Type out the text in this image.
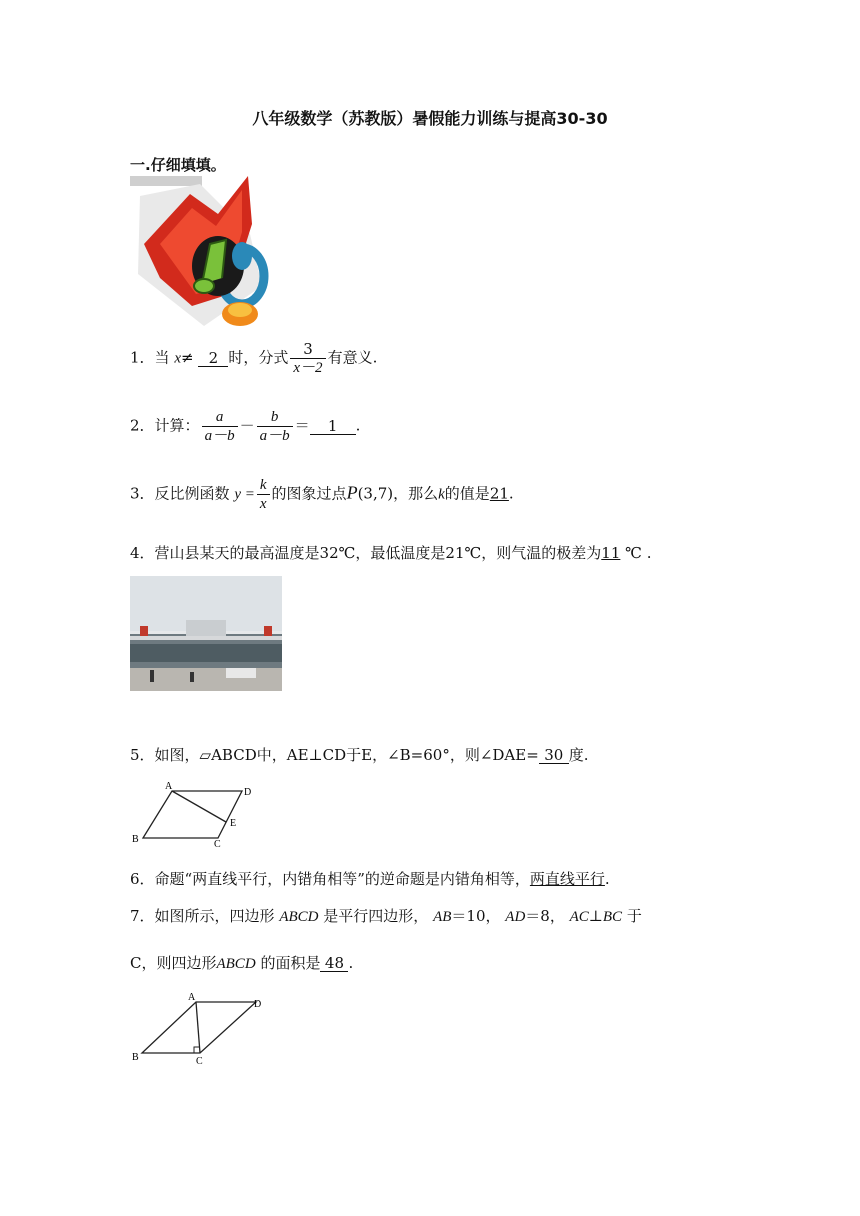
八年级数学（苏教版）暑假能力训练与提高30-30
一.仔细填填。
1．当 x≠ 2 时，分式 $\frac{3}{x-2}$ 有意义.
2．计算： $\frac{a}{a-b} - \frac{b}{a-b} = 1$ .
3．反比例函数 $y = \frac{k}{x}$ 的图象过点P(3,7)，那么k的值是21.
4．营山县某天的最高温度是32℃，最低温度是21℃，则气温的极差为11 ℃ .
5．如图，▱ABCD中，AE⊥CD于E，∠B=60°，则∠DAE= 30 度.
A
D
B	C
E
6．命题“两直线平行，内错角相等”的逆命题是内错角相等，两直线平行.
7．如图所示，四边形 ABCD 是平行四边形， AB＝10， AD＝8， AC⊥BC 于
C，则四边形ABCD 的面积是 48 .
A
D
B	C
